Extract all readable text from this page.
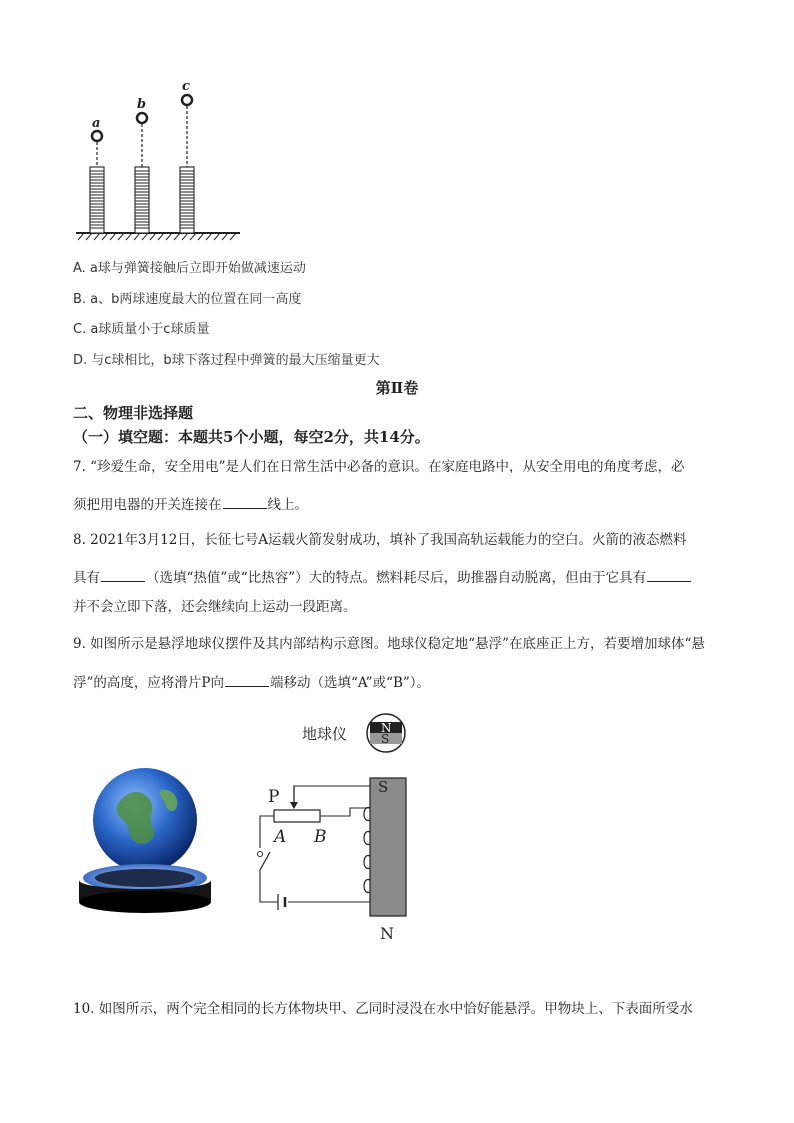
a
b
c
A. a球与弹簧接触后立即开始做减速运动
B. a、b两球速度最大的位置在同一高度
C. a球质量小于c球质量
D. 与c球相比，b球下落过程中弹簧的最大压缩量更大
第Ⅱ卷
二、物理非选择题
（一）填空题：本题共5个小题，每空2分，共14分。
7. “珍爱生命，安全用电”是人们在日常生活中必备的意识。在家庭电路中，从安全用电的角度考虑，必
须把用电器的开关连接在	线上。
8. 2021年3月12日，长征七号A运载火箭发射成功，填补了我国高轨运载能力的空白。火箭的液态燃料
具有	（选填“热值”或“比热容”）大的特点。燃料耗尽后，助推器自动脱离，但由于它具有
并不会立即下落，还会继续向上运动一段距离。
9. 如图所示是悬浮地球仪摆件及其内部结构示意图。地球仪稳定地“悬浮”在底座正上方，若要增加球体“悬
浮”的高度，应将滑片P向	端移动（选填“A”或“B”）。
地球仪	N
S
S
N
P
A B
10. 如图所示，两个完全相同的长方体物块甲、乙同时浸没在水中恰好能悬浮。甲物块上、下表面所受水
